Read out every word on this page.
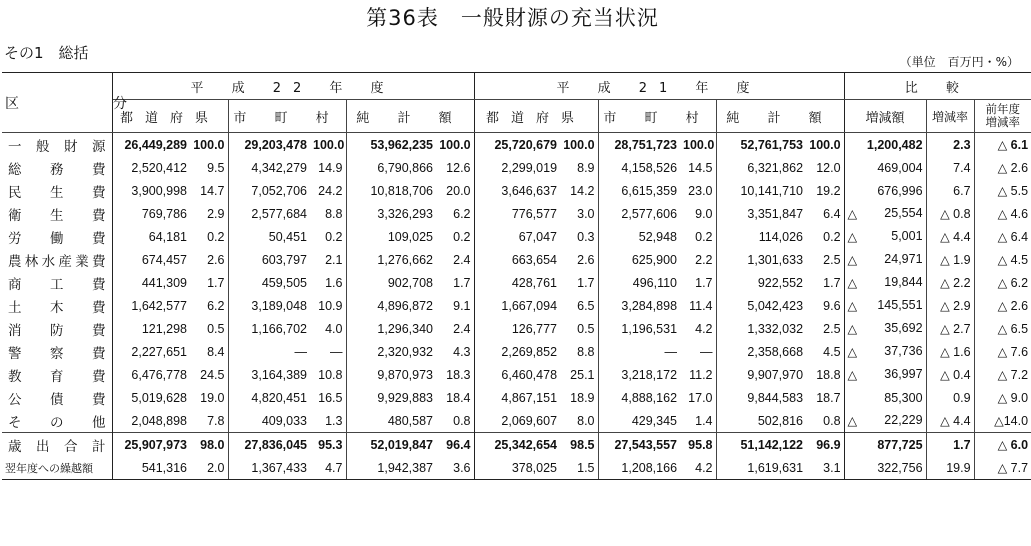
第36表　一般財源の充当状況
その1　総括	（単位　百万円・%）
区　分	平 成 22 年 度						平 成 21 年 度						比 較		
	都道府県		市 町 村		純 計 額		都道府県		市 町 村		純 計 額		増減額	増減率	前年度
増減率
一般財源	26,449,289	100.0	29,203,478	100.0	53,962,235	100.0	25,720,679	100.0	28,751,723	100.0	52,761,753	100.0	1,200,482	2.3	△ 6.1
総務費	2,520,412	9.5	4,342,279	14.9	6,790,866	12.6	2,299,019	8.9	4,158,526	14.5	6,321,862	12.0	469,004	7.4	△ 2.6
民生費	3,900,998	14.7	7,052,706	24.2	10,818,706	20.0	3,646,637	14.2	6,615,359	23.0	10,141,710	19.2	676,996	6.7	△ 5.5
衛生費	769,786	2.9	2,577,684	8.8	3,326,293	6.2	776,577	3.0	2,577,606	9.0	3,351,847	6.4	△ 25,554	△ 0.8	△ 4.6
労働費	64,181	0.2	50,451	0.2	109,025	0.2	67,047	0.3	52,948	0.2	114,026	0.2	△ 5,001	△ 4.4	△ 6.4
農林水産業費	674,457	2.6	603,797	2.1	1,276,662	2.4	663,654	2.6	625,900	2.2	1,301,633	2.5	△ 24,971	△ 1.9	△ 4.5
商工費	441,309	1.7	459,505	1.6	902,708	1.7	428,761	1.7	496,110	1.7	922,552	1.7	△ 19,844	△ 2.2	△ 6.2
土木費	1,642,577	6.2	3,189,048	10.9	4,896,872	9.1	1,667,094	6.5	3,284,898	11.4	5,042,423	9.6	△ 145,551	△ 2.9	△ 2.6
消防費	121,298	0.5	1,166,702	4.0	1,296,340	2.4	126,777	0.5	1,196,531	4.2	1,332,032	2.5	△ 35,692	△ 2.7	△ 6.5
警察費	2,227,651	8.4	—	—	2,320,932	4.3	2,269,852	8.8	—	—	2,358,668	4.5	△ 37,736	△ 1.6	△ 7.6
教育費	6,476,778	24.5	3,164,389	10.8	9,870,973	18.3	6,460,478	25.1	3,218,172	11.2	9,907,970	18.8	△ 36,997	△ 0.4	△ 7.2
公債費	5,019,628	19.0	4,820,451	16.5	9,929,883	18.4	4,867,151	18.9	4,888,162	17.0	9,844,583	18.7	85,300	0.9	△ 9.0
その他	2,048,898	7.8	409,033	1.3	480,587	0.8	2,069,607	8.0	429,345	1.4	502,816	0.8	△ 22,229	△ 4.4	△14.0
歳出合計	25,907,973	98.0	27,836,045	95.3	52,019,847	96.4	25,342,654	98.5	27,543,557	95.8	51,142,122	96.9	877,725	1.7	△ 6.0
翌年度への繰越額	541,316	2.0	1,367,433	4.7	1,942,387	3.6	378,025	1.5	1,208,166	4.2	1,619,631	3.1	322,756	19.9	△ 7.7
